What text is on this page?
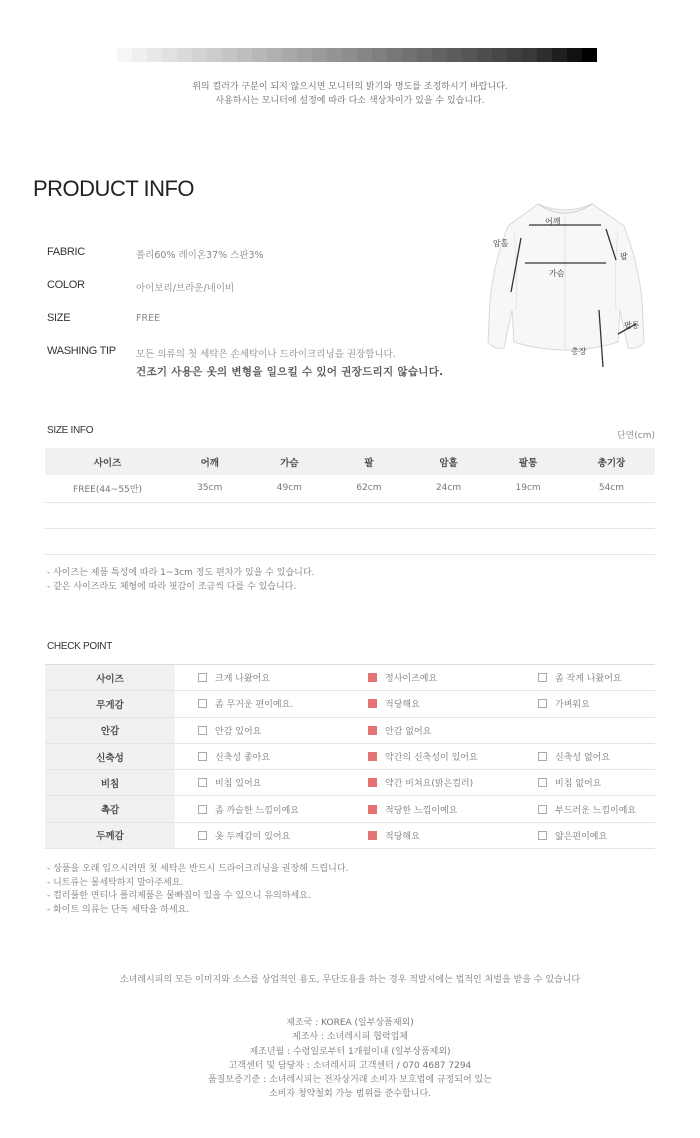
위의 컬러가 구분이 되지 않으시면 모니터의 밝기와 명도를 조정하시기 바랍니다.
사용하시는 모니터에 설정에 따라 다소 색상차이가 있을 수 있습니다.
PRODUCT INFO
FABRIC	폴리60% 레이온37% 스판3%
COLOR	아이보리/브라운/네이비
SIZE	FREE
WASHING TIP 모든 의류의 첫 세탁은 손세탁이나 드라이크리닝을 권장합니다.
건조기 사용은 옷의 변형을 일으킬 수 있어 권장드리지 않습니다.
어깨
암홀
팔
가슴
팔통
총장
SIZE INFO	단면(cm)
사이즈	어깨	가슴	팔	암홀	팔통	총기장
FREE(44~55반)	35cm	49cm	62cm	24cm	19cm	54cm

- 사이즈는 제품 특성에 따라 1~3cm 정도 편차가 있을 수 있습니다.
- 같은 사이즈라도 체형에 따라 핏감이 조금씩 다를 수 있습니다.
CHECK POINT
사이즈	크게 나왔어요	정사이즈예요	좀 작게 나왔어요
무게감	좀 무거운 편이예요.	적당해요	가벼워요
안감	안감 있어요	안감 없어요	
신축성	신축성 좋아요	약간의 신축성이 있어요	신축성 없어요
비침	비침 있어요	약간 비쳐요(밝은컬러)	비침 없어요
촉감	좀 까슬한 느낌이예요	적당한 느낌이예요	부드러운 느낌이예요
두께감	옷 두께감이 있어요	적당해요	얇은편이예요
- 상품을 오래 입으시려면 첫 세탁은 반드시 드라이크리닝을 권장해 드립니다.
- 니트류는 물세탁하지 말아주세요.
- 컬러풀한 면티나 폴리제품은 물빠짐이 있을 수 있으니 유의하세요.
- 화이트 의류는 단독 세탁을 하세요.
소녀레시피의 모든 이미지와 소스를 상업적인 용도, 무단도용을 하는 경우 적발시에는 법적인 처벌을 받을 수 있습니다
제조국 : KOREA (일부상품제외)
제조사 : 소녀레시피 협력업체
제조년월 : 수령일로부터 1개월이내 (일부상품제외)
고객센터 및 담당자 : 소녀레시피 고객센터 / 070 4687 7294
품질보증기준 : 소녀레시피는 전자상거래 소비자 보호법에 규정되어 있는
소비자 청약철회 가능 범위를 준수합니다.
